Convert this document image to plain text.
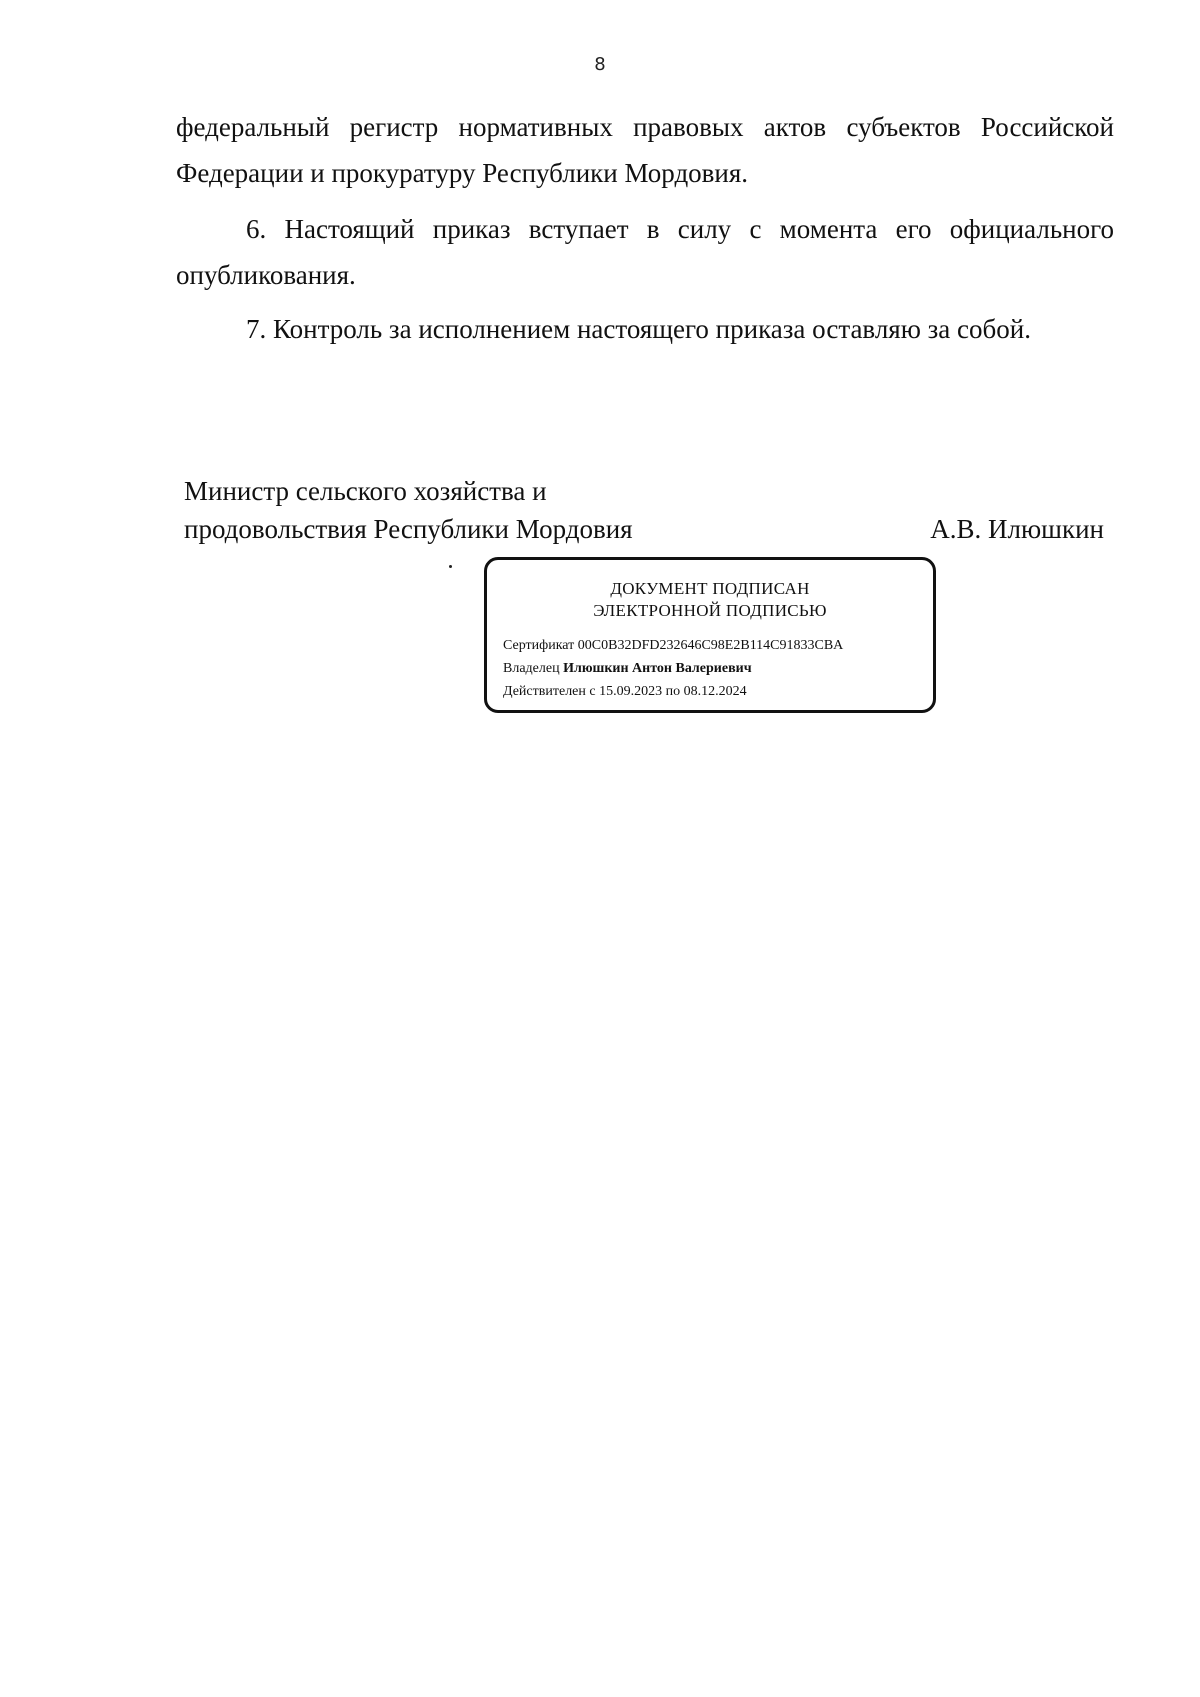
8

федеральный регистр нормативных правовых актов субъектов Российской Федерации и прокуратуру Республики Мордовия.

6. Настоящий приказ вступает в силу с момента его официального опубликования.

7. Контроль за исполнением настоящего приказа оставляю за собой.

Министр сельского хозяйства и
продовольствия Республики Мордовия	А.В. Илюшкин
ДОКУМЕНТ ПОДПИСАН
ЭЛЕКТРОННОЙ ПОДПИСЬЮ
Сертификат 00C0B32DFD232646C98E2B114C91833CBA
Владелец Илюшкин Антон Валериевич
Действителен с 15.09.2023 по 08.12.2024
